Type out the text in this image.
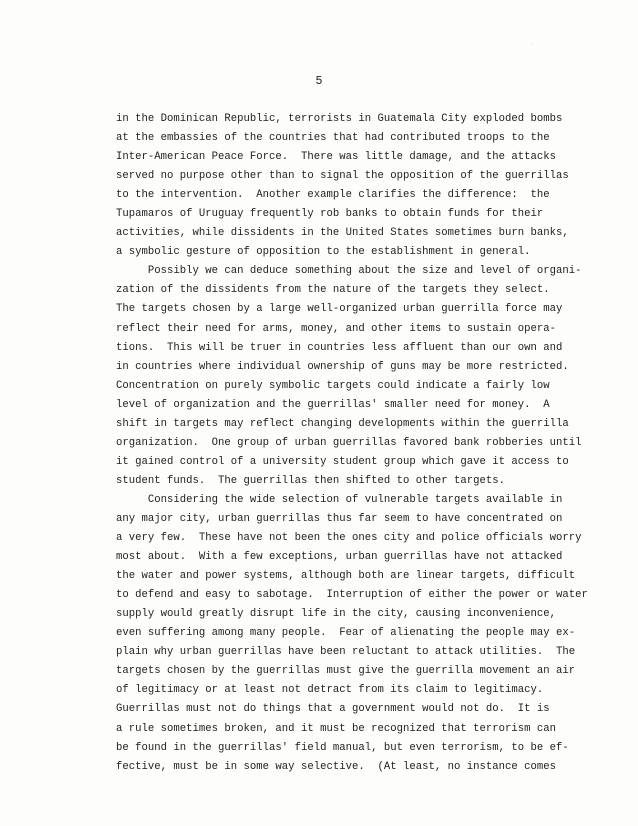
·
5
in the Dominican Republic, terrorists in Guatemala City exploded bombs
at the embassies of the countries that had contributed troops to the
Inter-American Peace Force.  There was little damage, and the attacks
served no purpose other than to signal the opposition of the guerrillas
to the intervention.  Another example clarifies the difference:  the
Tupamaros of Uruguay frequently rob banks to obtain funds for their
activities, while dissidents in the United States sometimes burn banks,
a symbolic gesture of opposition to the establishment in general.
Possibly we can deduce something about the size and level of organi-
zation of the dissidents from the nature of the targets they select.
The targets chosen by a large well-organized urban guerrilla force may
reflect their need for arms, money, and other items to sustain opera-
tions.  This will be truer in countries less affluent than our own and
in countries where individual ownership of guns may be more restricted.
Concentration on purely symbolic targets could indicate a fairly low
level of organization and the guerrillas' smaller need for money.  A
shift in targets may reflect changing developments within the guerrilla
organization.  One group of urban guerrillas favored bank robberies until
it gained control of a university student group which gave it access to
student funds.  The guerrillas then shifted to other targets.
Considering the wide selection of vulnerable targets available in
any major city, urban guerrillas thus far seem to have concentrated on
a very few.  These have not been the ones city and police officials worry
most about.  With a few exceptions, urban guerrillas have not attacked
the water and power systems, although both are linear targets, difficult
to defend and easy to sabotage.  Interruption of either the power or water
supply would greatly disrupt life in the city, causing inconvenience,
even suffering among many people.  Fear of alienating the people may ex-
plain why urban guerrillas have been reluctant to attack utilities.  The
targets chosen by the guerrillas must give the guerrilla movement an air
of legitimacy or at least not detract from its claim to legitimacy.
Guerrillas must not do things that a government would not do.  It is
a rule sometimes broken, and it must be recognized that terrorism can
be found in the guerrillas' field manual, but even terrorism, to be ef-
fective, must be in some way selective.  (At least, no instance comes
